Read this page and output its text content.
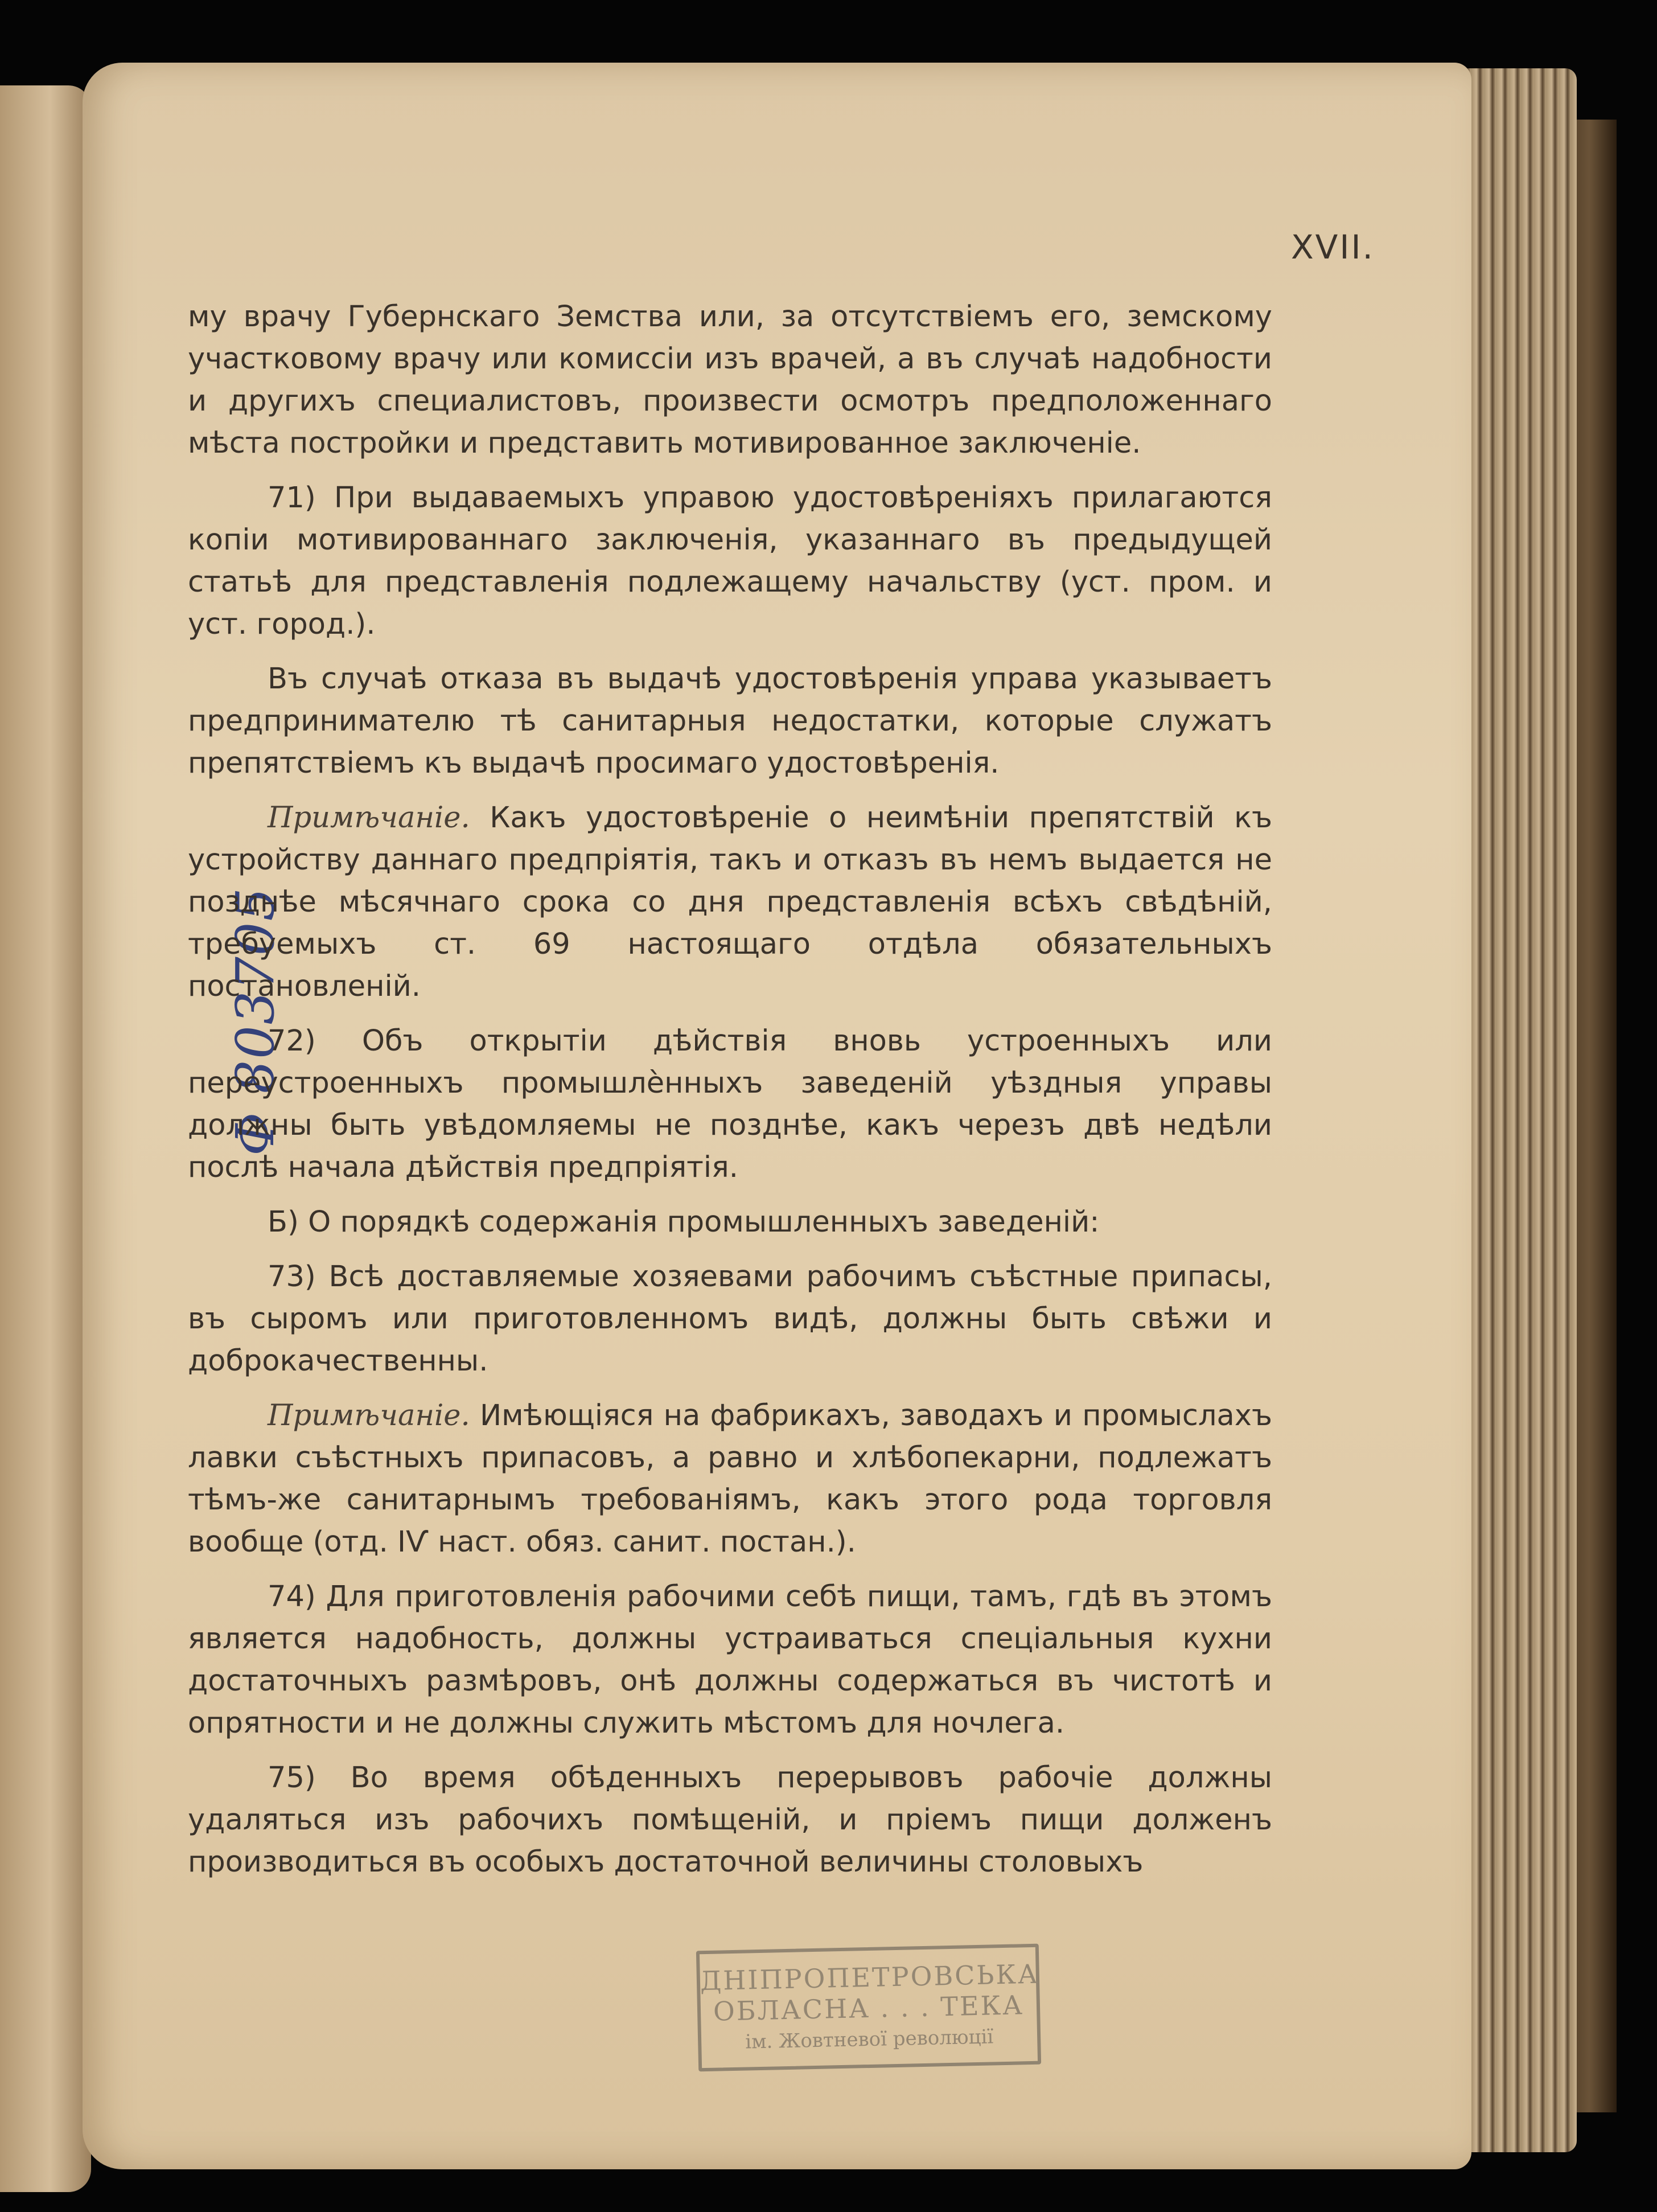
XVII.
Ф 803705

му врачу Губернскаго Земства или, за отсутствіемъ его, земскому участковому врачу или комиссіи изъ врачей, а въ случаѣ надобности и другихъ специалистовъ, произвести осмотръ предположеннаго мѣста постройки и представить мотивированное заключеніе.

71) При выдаваемыхъ управою удостовѣреніяхъ прилагаются копіи мотивированнаго заключенія, указаннаго въ предыдущей статьѣ для представленія подлежащему начальству (уст. пром. и уст. город.).

Въ случаѣ отказа въ выдачѣ удостовѣренія управа указываетъ предпринимателю тѣ санитарныя недостатки, которые служатъ препятствіемъ къ выдачѣ просимаго удостовѣренія.

Примѣчаніе. Какъ удостовѣреніе о неимѣніи препятствій къ устройству даннаго предпріятія, такъ и отказъ въ немъ выдается не позднѣе мѣсячнаго срока со дня представленія всѣхъ свѣдѣній, требуемыхъ ст. 69 настоящаго отдѣла обязательныхъ постановленій.

72) Объ открытіи дѣйствія вновь устроенныхъ или переустроенныхъ промышлѐнныхъ заведеній уѣздныя управы должны быть увѣдомляемы не позднѣе, какъ черезъ двѣ недѣли послѣ начала дѣйствія предпріятія.

Б) О порядкѣ содержанія промышленныхъ заведеній:

73) Всѣ доставляемые хозяевами рабочимъ съѣстные припасы, въ сыромъ или приготовленномъ видѣ, должны быть свѣжи и доброкачественны.

Примѣчаніе. Имѣющіяся на фабрикахъ, заводахъ и промыслахъ лавки съѣстныхъ припасовъ, а равно и хлѣбопекарни, подлежатъ тѣмъ-же санитарнымъ требованіямъ, какъ этого рода торговля вообще (отд. IѴ наст. обяз. санит. постан.).

74) Для приготовленія рабочими себѣ пищи, тамъ, гдѣ въ этомъ является надобность, должны устраиваться спеціальныя кухни достаточныхъ размѣровъ, онѣ должны содержаться въ чистотѣ и опрятности и не должны служить мѣстомъ для ночлега.

75) Во время обѣденныхъ перерывовъ рабочіе должны удаляться изъ рабочихъ помѣщеній, и пріемъ пищи долженъ производиться въ особыхъ достаточной величины столовыхъ

ДНІПРОПЕТРОВСЬКА
ОБЛАСНА . . . ТЕКА
ім. Жовтневої революції
